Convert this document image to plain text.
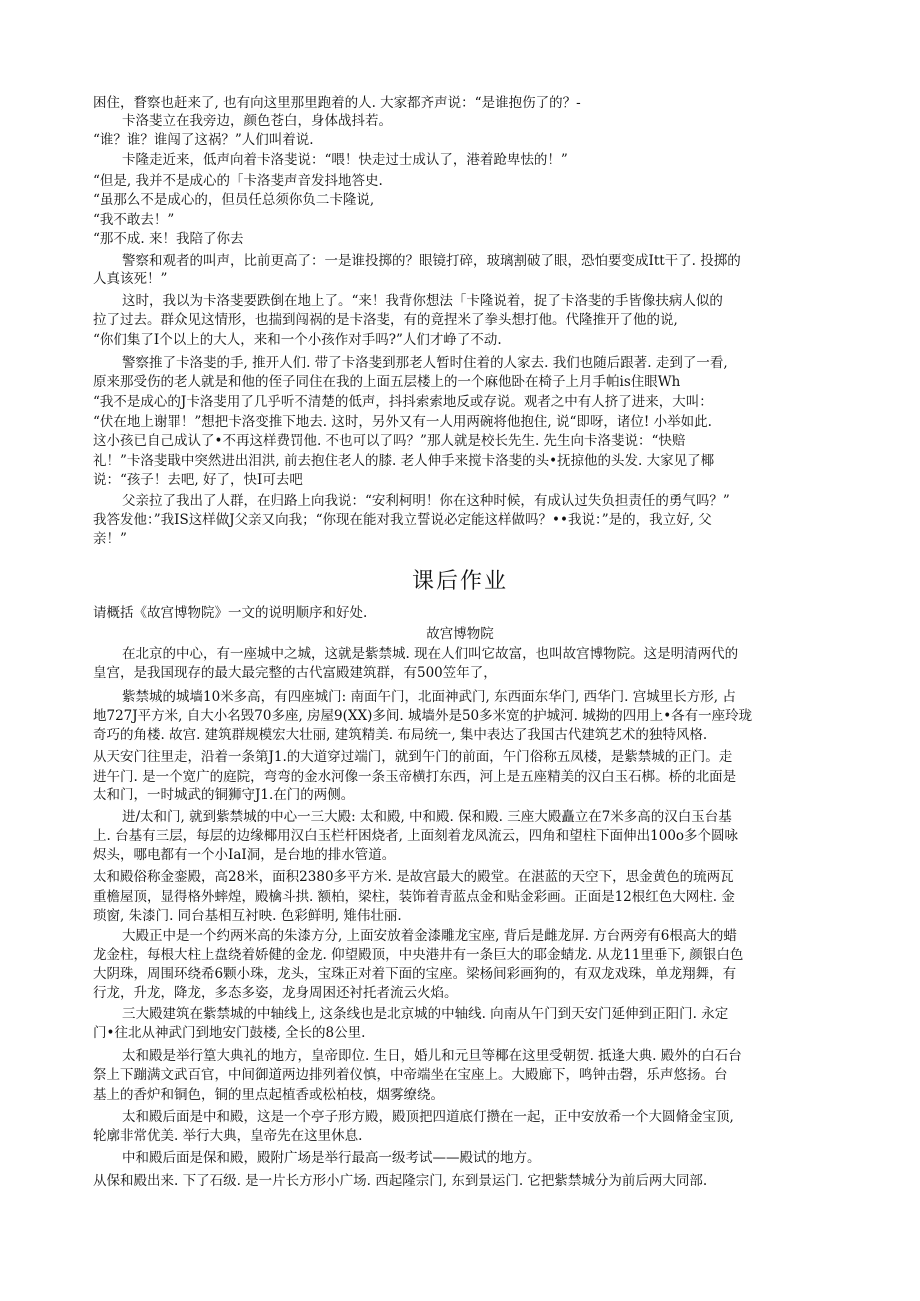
困住，瞀察也赶来了, 也有向这里那里跑着的人. 大家都齐声说：“是谁抱伤了的？-
卡洛斐立在我旁边，颜色苍白，身体战抖若。
“谁？谁？谁闯了这祸？”人们叫着说.
卡隆走近来，低声向着卡洛斐说：“喂！快走过士成认了，港着跄卑怯的！”
“但是, 我并不是成心的「卡洛斐声音发抖地答史.
“虽那么不是成心的，但员任总须你负二卡隆说,
“我不敢去！”
“那不成. 来！我陪了你去
警察和观者的叫声，比前更高了：一是谁投掷的？眼镜打碎，玻璃割破了眼，恐怕要变成Itt干了. 投掷的
人真该死！”
这时，我以为卡洛斐要跌倒在地上了。“来！我背你想法「卡隆说着，捉了卡洛斐的手皆像扶病人似的
拉了过去。群众见这情形，也揣到闯祸的是卡洛斐，有的竟捏米了拳头想打他。代隆推开了他的说,
“你们集了I个以上的大人，来和一个小孩作对手吗?”人们才峥了不动.
警察推了卡洛斐的手, 推开人们. 带了卡洛斐到那老人暂时住着的人家去. 我们也随后跟著. 走到了一看,
原来那受伤的老人就是和他的侄子同住在我的上面五层楼上的一个麻他卧在椅子上月手帕is住眼Wh
“我不是成心的J卡洛斐用了几乎听不清楚的低声，抖抖索索地反或存说。观者之中有人挤了进来，大叫：
“伏在地上谢罪！”想把卡洛变推下地去. 这时，另外又有一人用两碗将他抱住, 说“即呀，诸位! 小举如此.
这小孩已自己成认了•不再这样费罚他. 不也可以了吗？”那人就是校长先生. 先生向卡洛斐说：“快赔
礼！”卡洛斐戢中突然进出泪洪, 前去抱住老人的膝. 老人伸手来搅卡洛斐的头•抚掠他的头发. 大家见了椰
说：“孩子！去吧, 好了，快I可去吧
父亲拉了我出了人群，在归路上向我说：“安利柯明！你在这种时候，有成认过失负担责任的勇气吗？”
我答发他：”我IS这样做J父亲又向我；“你现在能对我立誓说必定能这样做吗？••我说：”是的，我立好, 父
亲！”
课后作业
请概括《故宫博物院》一文的说明顺序和好处.
故宫博物院
在北京的中心，有一座城中之城，这就是紫禁城. 现在人们叫它故富，也叫故宫博物院。这是明清两代的
皇宫，是我国现存的最大最完整的古代富殿建筑群，有500笠年了，
紫禁城的城墙10米多高，有四座城门: 南面午门，北面神武门, 东西面东华门, 西华门. 宫城里长方形, 占
地727J平方米, 自大小名毁70多座, 房屋9(XX)多间. 城墙外是50多米宽的护城河. 城拗的四用上•各有一座玲珑
奇巧的角楼. 故宫. 建筑群规模宏大壮丽, 建筑精美. 布局统一, 集中表达了我国古代建筑艺术的独特风格.
从天安门往里走，沿着一条第J1.的大道穿过端门，就到午门的前面，午门俗称五凤楼，是紫禁城的正门。走
进午门. 是一个宽广的庭院，弯弯的金水河像一条玉帝横打东西，河上是五座精美的汉白玉石梆。桥的北面是
太和门，一时城武的铜狮守J1.在门的两侧。
进/太和门, 就到紫禁城的中心一三大殿: 太和殿, 中和殿. 保和殿. 三座大殿矗立在7米多高的汉白玉台基
上. 台基有三层，每层的边缘椰用汉白玉栏杆困烧者, 上面刻着龙凤流云，四角和望柱下面伸出100o多个圆咏
烬头，哪电都有一个小IaI洞，是台地的排水管道。
太和殿俗称金銮殿，高28米，面积2380多平方米. 是故宫最大的殿堂。在湛蓝的天空下，思金黄色的琉两瓦
重檐屋顶，显得格外蟀煌，殿檎斗拱. 额柏，梁柱，装饰着青蓝点金和贴金彩画。正面是12根红色大网柱. 金
琐窗, 朱漆门. 同台基相互衬映. 色彩鲜明, 雉伟壮丽.
大殿正中是一个约两米高的朱漆方分, 上面安放着金漆雕龙宝座, 背后是雌龙屏. 方台两旁有6根高大的蜡
龙金柱，每根大柱上盘绕着娇健的金龙. 仰望殿顶，中央港井有一条巨大的耶金蜻龙. 从龙11里垂下, 颜银白色
大阴珠，周围环绕希6颗小珠，龙头，宝珠正对着下面的宝座。梁杨间彩画狗的，有双龙戏珠，单龙翔舞，有
行龙，升龙，降龙，多态多姿，龙身周困还衬托者流云火焰。
三大殿建筑在紫禁城的中轴线上, 这条线也是北京城的中轴线. 向南从午门到天安门延伸到正阳门. 永定
门•往北从神武门到地安门鼓楼, 全长的8公里.
太和殿是举行篁大典礼的地方，皇帝即位. 生日，婚儿和元旦等椰在这里受朝贺. 抵逢大典. 殿外的白石台
祭上下蹦满文武百官，中间御道两边排列着仪慎，中帝端坐在宝座上。大殿廊下，鸣钟击磬，乐声悠扬。台
基上的香炉和铜色，铜的里点起植香或松柏枝，烟雾缭绕。
太和殿后面是中和殿，这是一个亭子形方殿，殿顶把四道底仃攒在一起，正中安放希一个大圆脩金宝顶,
轮廓非常优美. 举行大典，皇帝先在这里休息.
中和殿后面是保和殿，殿附广场是举行最高一级考试——殿试的地方。
从保和殿出来. 下了石级. 是一片长方形小广场. 西起隆宗门, 东到景运门. 它把紫禁城分为前后两大同部.
